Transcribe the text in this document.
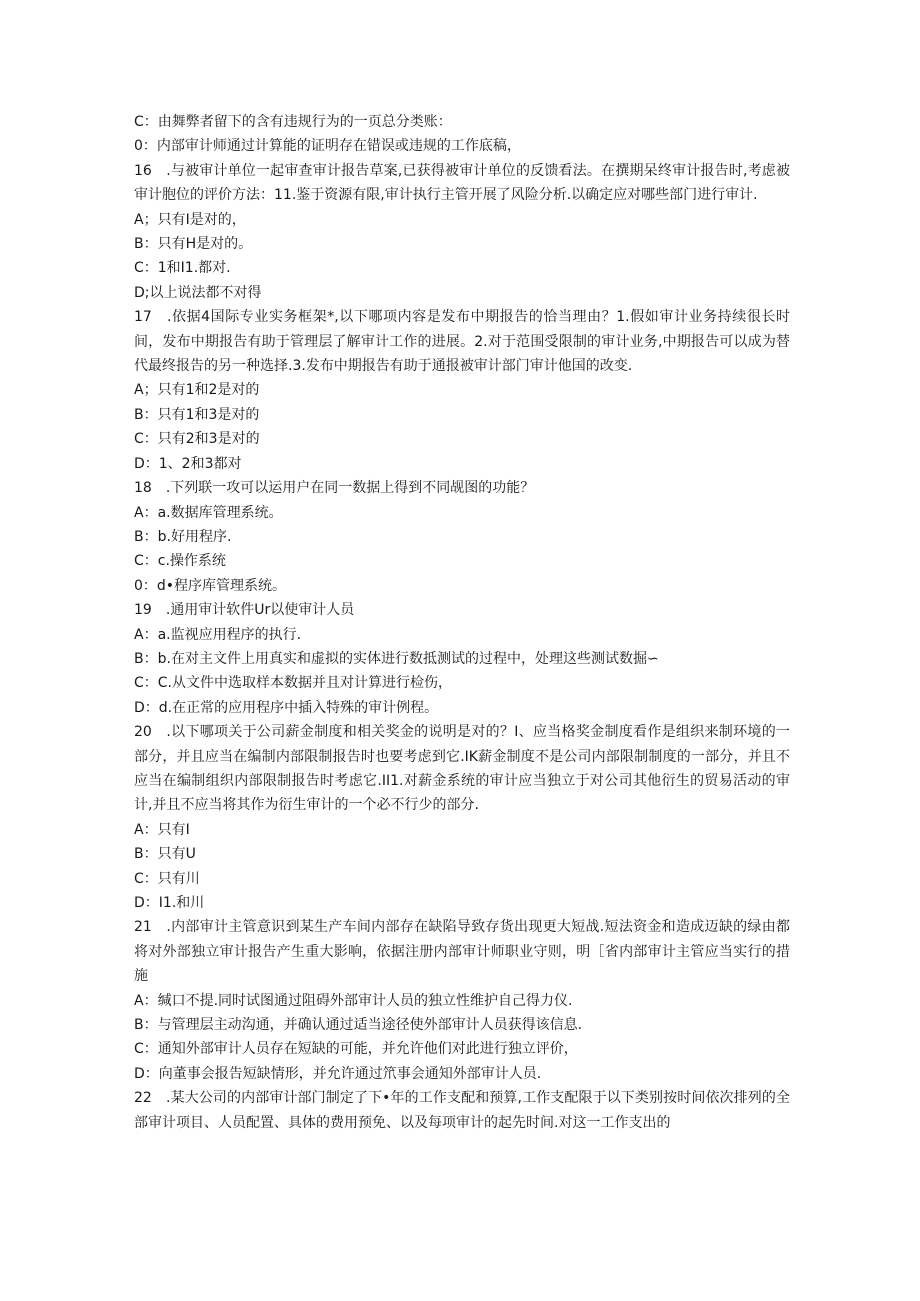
C：由舞弊者留下的含有违规行为的一页总分类账：
0：内部审计师通过计算能的证明存在错误或违规的工作底稿，
16　.与被审计单位一起审查审计报告草案,已获得被审计单位的反馈看法。在撰期呆终审计报告时,考虑被审计胞位的评价方法：11.鉴于资源有限,审计执行主管开展了风险分析.以确定应对哪些部门进行审计.
A；只有I是对的，
B：只有H是对的。
C：1和I1.都对.
D;以上说法都不对得
17　.依据4国际专业实务框架*,以下哪项内容是发布中期报告的恰当理由？1.假如审计业务持续很长时间，发布中期报告有助于管理层了解审计工作的进展。2.对于范围受限制的审计业务,中期报告可以成为替代最终报告的另一种选择.3.发布中期报告有助于通报被审计部门审计他国的改变.
A；只有1和2是对的
B：只有1和3是对的
C：只有2和3是对的
D：1、2和3都对
18　.下列联一攻可以运用户在同一数据上得到不同觇图的功能？
A：a.数据库管理系统。
B：b.好用程序.
C：c.操作系统
0：d•程序库管理系统。
19　.通用审计软件Ur以使审计人员
A：a.监视应用程序的执行.
B：b.在对主文件上用真实和虚拟的实体进行数抵测试的过程中，处理这些测试数掘∽
C：C.从文件中选取样本数据并且对计算进行检伤，
D：d.在正常的应用程序中插入特殊的审计例程。
20　.以下哪项关于公司薪金制度和相关奖金的说明是对的？I、应当格奖金制度看作是组织来制环境的一部分，并且应当在编制内部限制报告时也要考虑到它.IK薪金制度不是公司内部限制制度的一部分，并且不应当在编制组织内部限制报告时考虑它.II1.对薪金系统的审计应当独立于对公司其他衍生的贸易活动的审计,并且不应当将其作为衍生审计的一个必不行少的部分.
A：只有I
B：只有U
C：只有川
D：I1.和川
21　.内部审计主管意识到某生产车间内部存在缺陷导致存货出现更大短战.短法资金和造成迈缺的绿由都将对外部独立审计报告产生重大影响，依据注册内部审计师职业守则，明［省内部审计主管应当实行的措施
A：缄口不提.同时试图通过阻碍外部审计人员的独立性维护自己得力仪.
B：与管理层主动沟通，并确认通过适当途径使外部审计人员获得该信息.
C：通知外部审计人员存在短缺的可能，并允许他们对此进行独立评价，
D：向董事会报告短缺情形，并允许通过笊事会通知外部审计人员.
22　.某大公司的内部审计部门制定了下•年的工作支配和预算,工作支配限于以下类别按时间依次排列的全部审计项目、人员配置、具体的费用预免、以及每项审计的起先时间.对这一工作支出的
